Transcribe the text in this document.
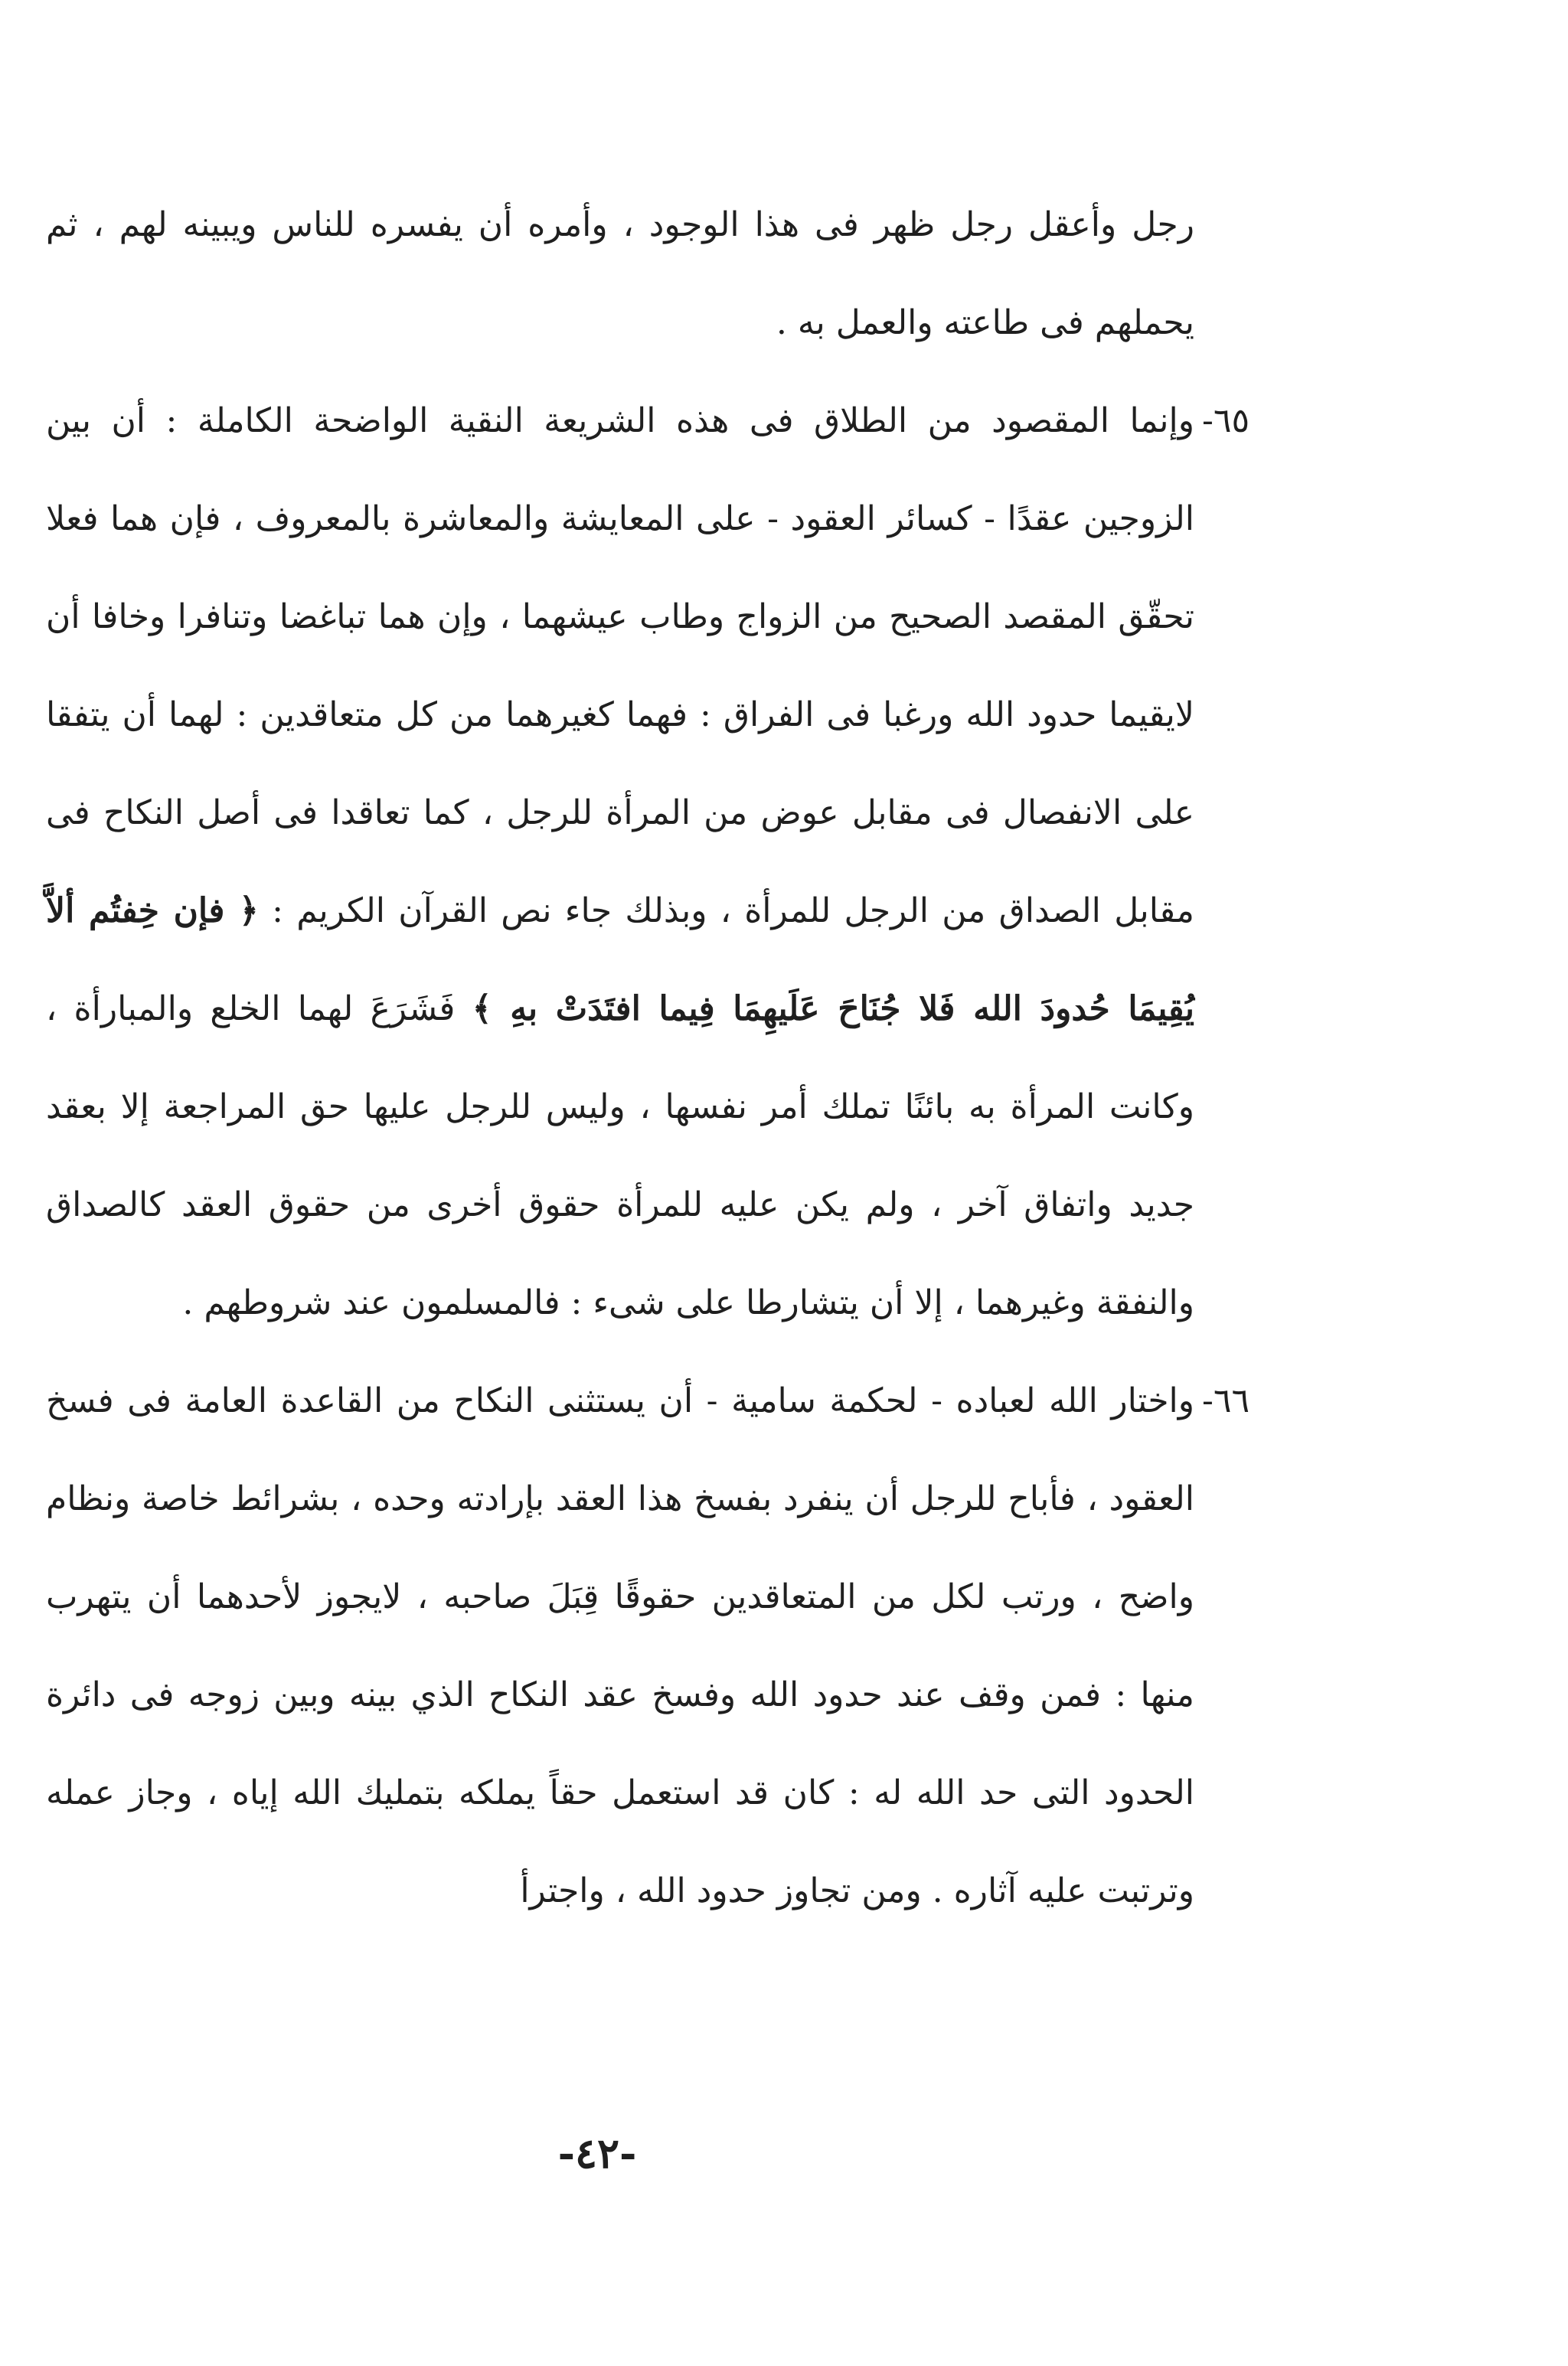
رجل وأعقل رجل ظهر فى هذا الوجود ، وأمره أن يفسره للناس ويبينه لهم ، ثم يحملهم فى طاعته والعمل به .

٦٥-
وإنما المقصود من الطلاق فى هذه الشريعة النقية الواضحة الكاملة : أن بين الزوجين عقدًا - كسائر العقود - على المعايشة والمعاشرة بالمعروف ، فإن هما فعلا تحقّق المقصد الصحيح من الزواج وطاب عيشهما ، وإن هما تباغضا وتنافرا وخافا أن لايقيما حدود الله ورغبا فى الفراق : فهما كغيرهما من كل متعاقدين : لهما أن يتفقا على الانفصال فى مقابل عوض من المرأة للرجل ، كما تعاقدا فى أصل النكاح فى مقابل الصداق من الرجل للمرأة ، وبذلك جاء نص القرآن الكريم : ﴿ فإن خِفتُم ألاَّ يُقِيمَا حُدودَ الله فَلا جُنَاحَ عَلَيهِمَا فِيما افتَدَتْ بهِ ﴾ فَشَرَعَ لهما الخلع والمبارأة ، وكانت المرأة به بائنًا تملك أمر نفسها ، وليس للرجل عليها حق المراجعة إلا بعقد جديد واتفاق آخر ، ولم يكن عليه للمرأة حقوق أخرى من حقوق العقد كالصداق والنفقة وغيرهما ، إلا أن يتشارطا على شىء : فالمسلمون عند شروطهم .

٦٦-
واختار الله لعباده - لحكمة سامية - أن يستثنى النكاح من القاعدة العامة فى فسخ العقود ، فأباح للرجل أن ينفرد بفسخ هذا العقد بإرادته وحده ، بشرائط خاصة ونظام واضح ، ورتب لكل من المتعاقدين حقوقًا قِبَلَ صاحبه ، لايجوز لأحدهما أن يتهرب منها : فمن وقف عند حدود الله وفسخ عقد النكاح الذي بينه وبين زوجه فى دائرة الحدود التى حد الله له : كان قد استعمل حقاً يملكه بتمليك الله إياه ، وجاز عمله وترتبت عليه آثاره . ومن تجاوز حدود الله ، واجترأ

-٤٢-
